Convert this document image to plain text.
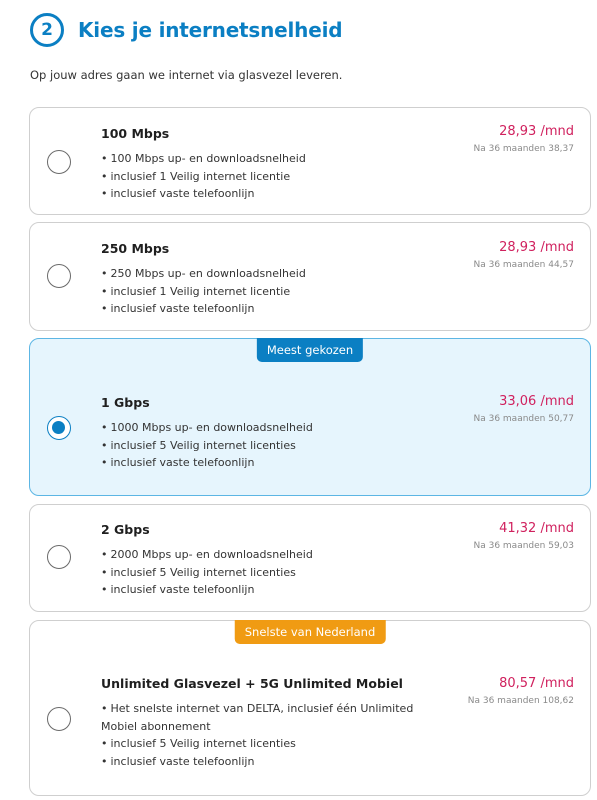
2	Kies je internetsnelheid
Op jouw adres gaan we internet via glasvezel leveren.
100 Mbps
• 100 Mbps up- en downloadsnelheid
• inclusief 1 Veilig internet licentie
• inclusief vaste telefoonlijn
28,93 /mnd
Na 36 maanden 38,37
250 Mbps
• 250 Mbps up- en downloadsnelheid
• inclusief 1 Veilig internet licentie
• inclusief vaste telefoonlijn
28,93 /mnd
Na 36 maanden 44,57
Meest gekozen
1 Gbps
• 1000 Mbps up- en downloadsnelheid
• inclusief 5 Veilig internet licenties
• inclusief vaste telefoonlijn
33,06 /mnd
Na 36 maanden 50,77
2 Gbps
• 2000 Mbps up- en downloadsnelheid
• inclusief 5 Veilig internet licenties
• inclusief vaste telefoonlijn
41,32 /mnd
Na 36 maanden 59,03
Snelste van Nederland
Unlimited Glasvezel + 5G Unlimited Mobiel
• Het snelste internet van DELTA, inclusief één Unlimited Mobiel abonnement
• inclusief 5 Veilig internet licenties
• inclusief vaste telefoonlijn
80,57 /mnd
Na 36 maanden 108,62
